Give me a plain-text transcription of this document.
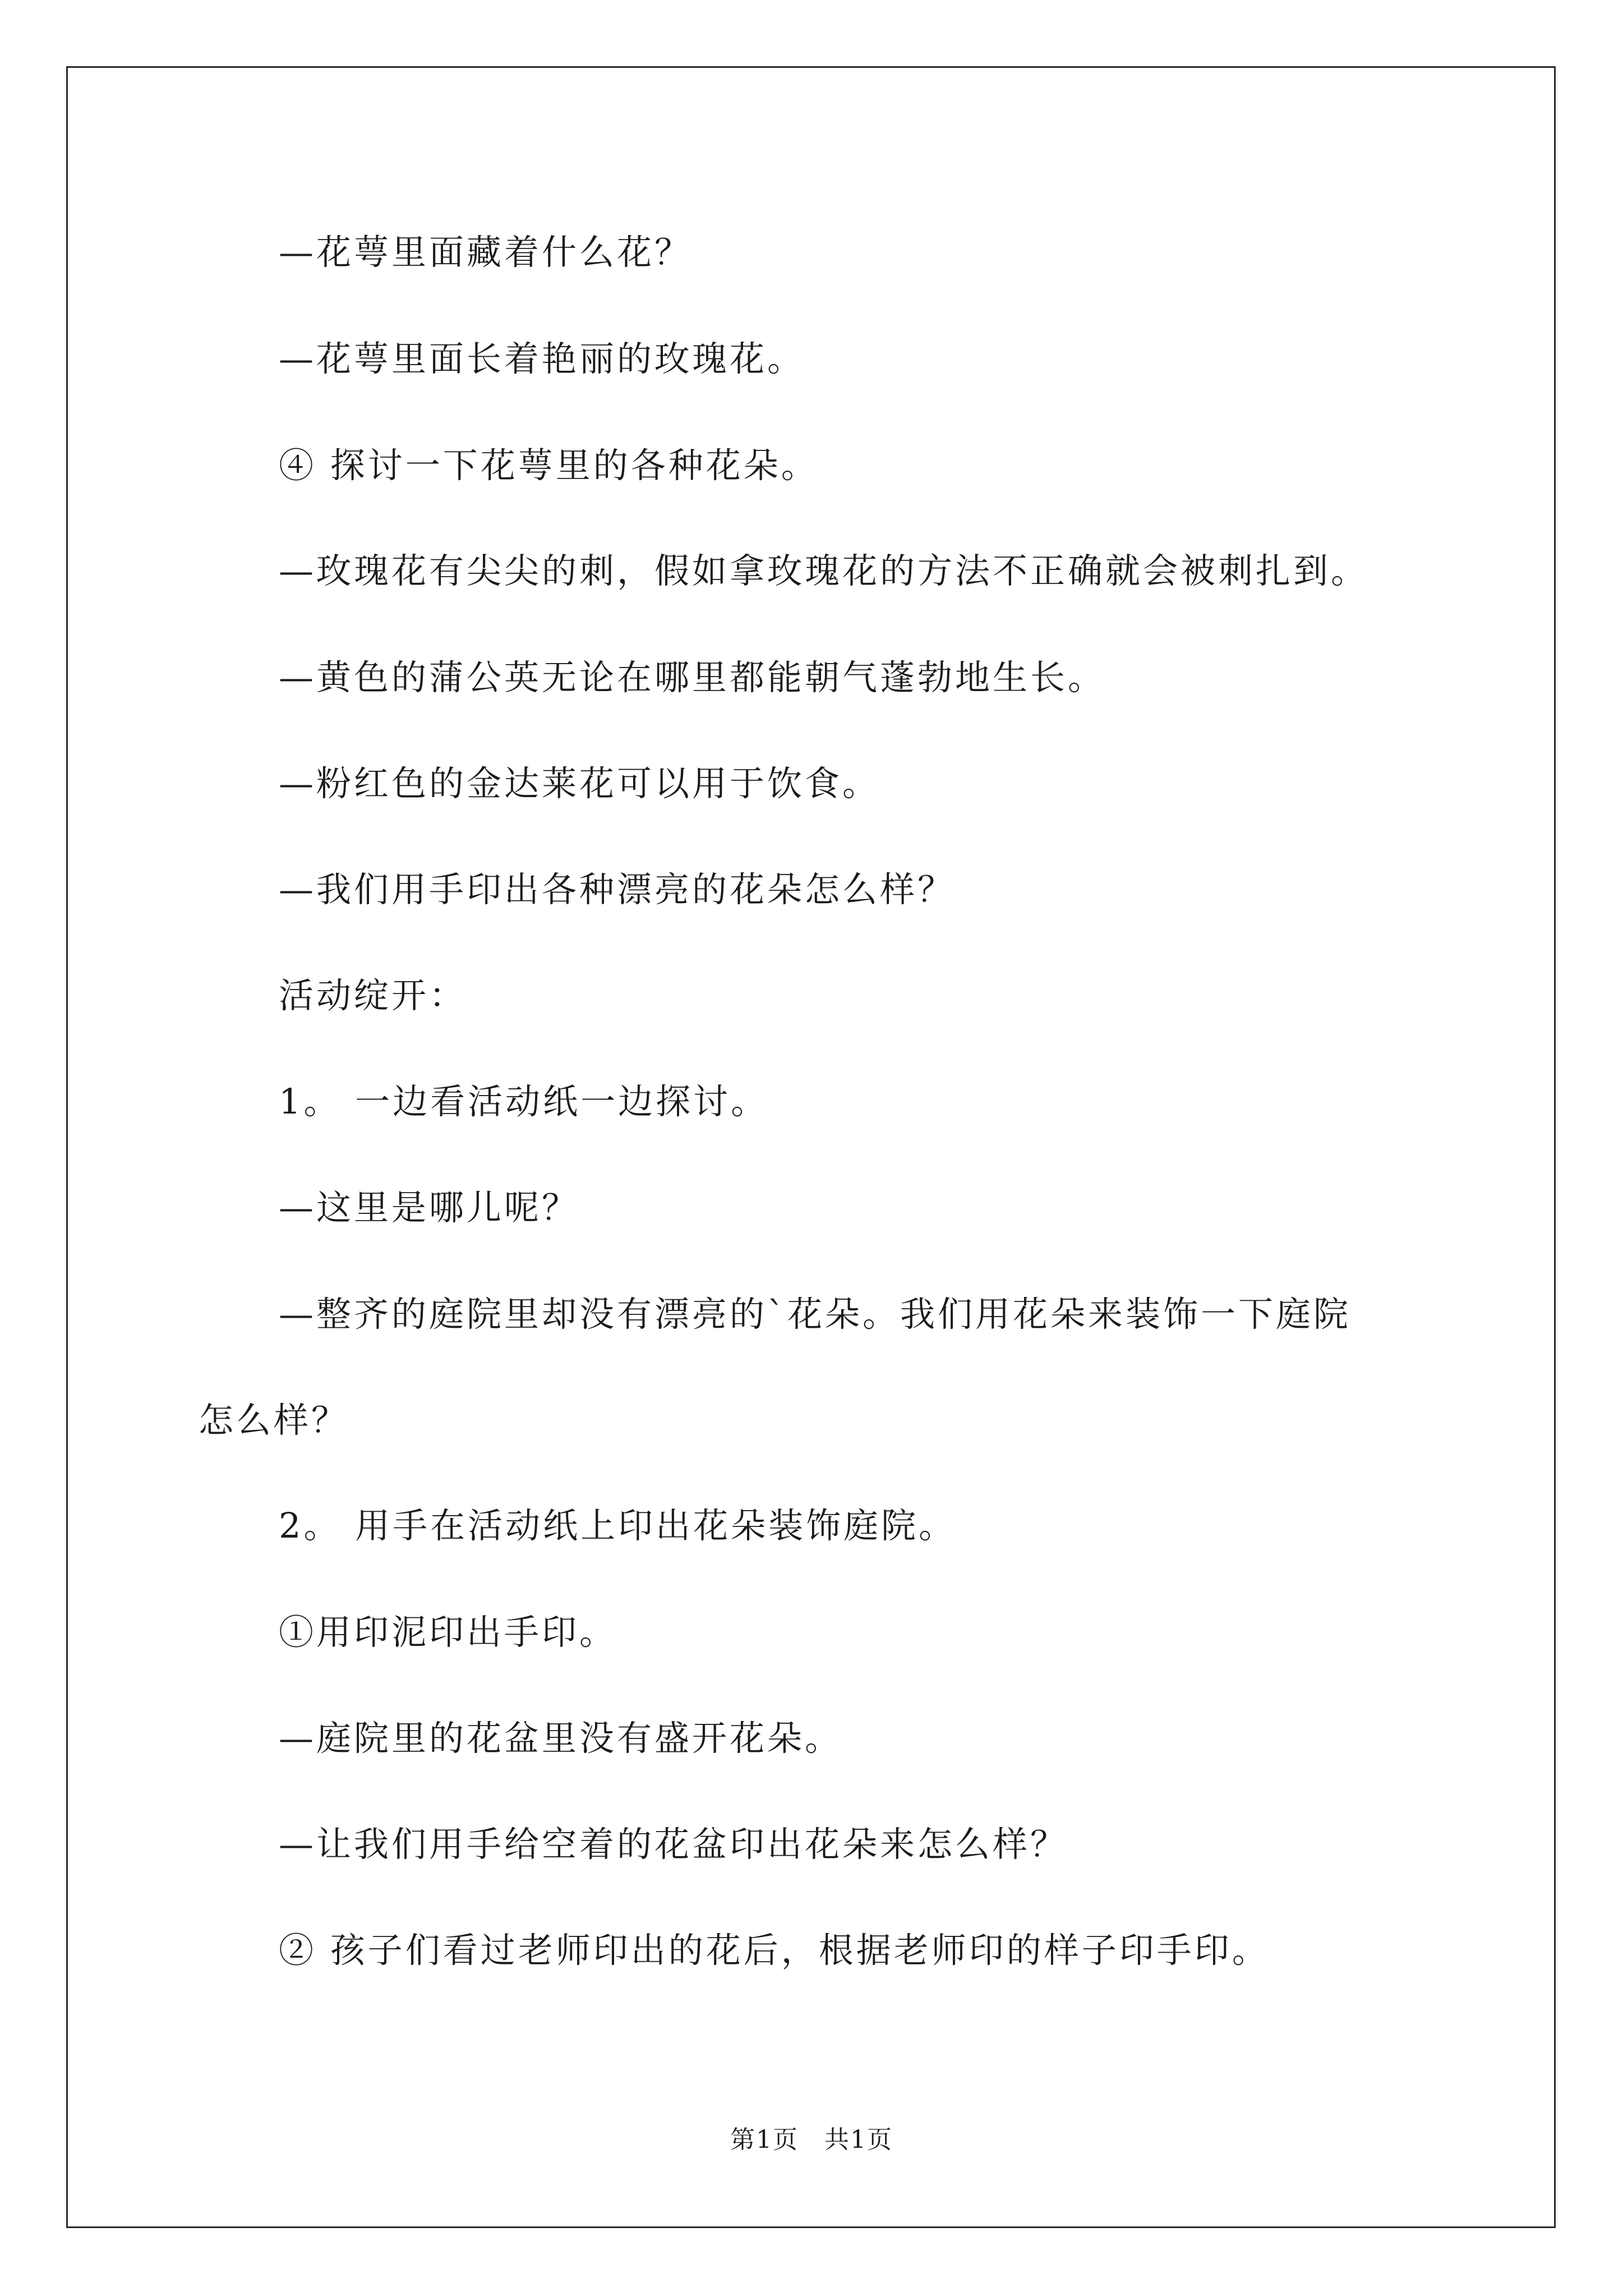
—花萼里面藏着什么花？
—花萼里面长着艳丽的玫瑰花。
④ 探讨一下花萼里的各种花朵。
—玫瑰花有尖尖的刺，假如拿玫瑰花的方法不正确就会被刺扎到。
—黄色的蒲公英无论在哪里都能朝气蓬勃地生长。
—粉红色的金达莱花可以用于饮食。
—我们用手印出各种漂亮的花朵怎么样？
活动绽开：
1。 一边看活动纸一边探讨。
—这里是哪儿呢？
—整齐的庭院里却没有漂亮的`花朵。我们用花朵来装饰一下庭院
怎么样？
2。 用手在活动纸上印出花朵装饰庭院。
①用印泥印出手印。
—庭院里的花盆里没有盛开花朵。
—让我们用手给空着的花盆印出花朵来怎么样？
② 孩子们看过老师印出的花后，根据老师印的样子印手印。
第1页　共1页
